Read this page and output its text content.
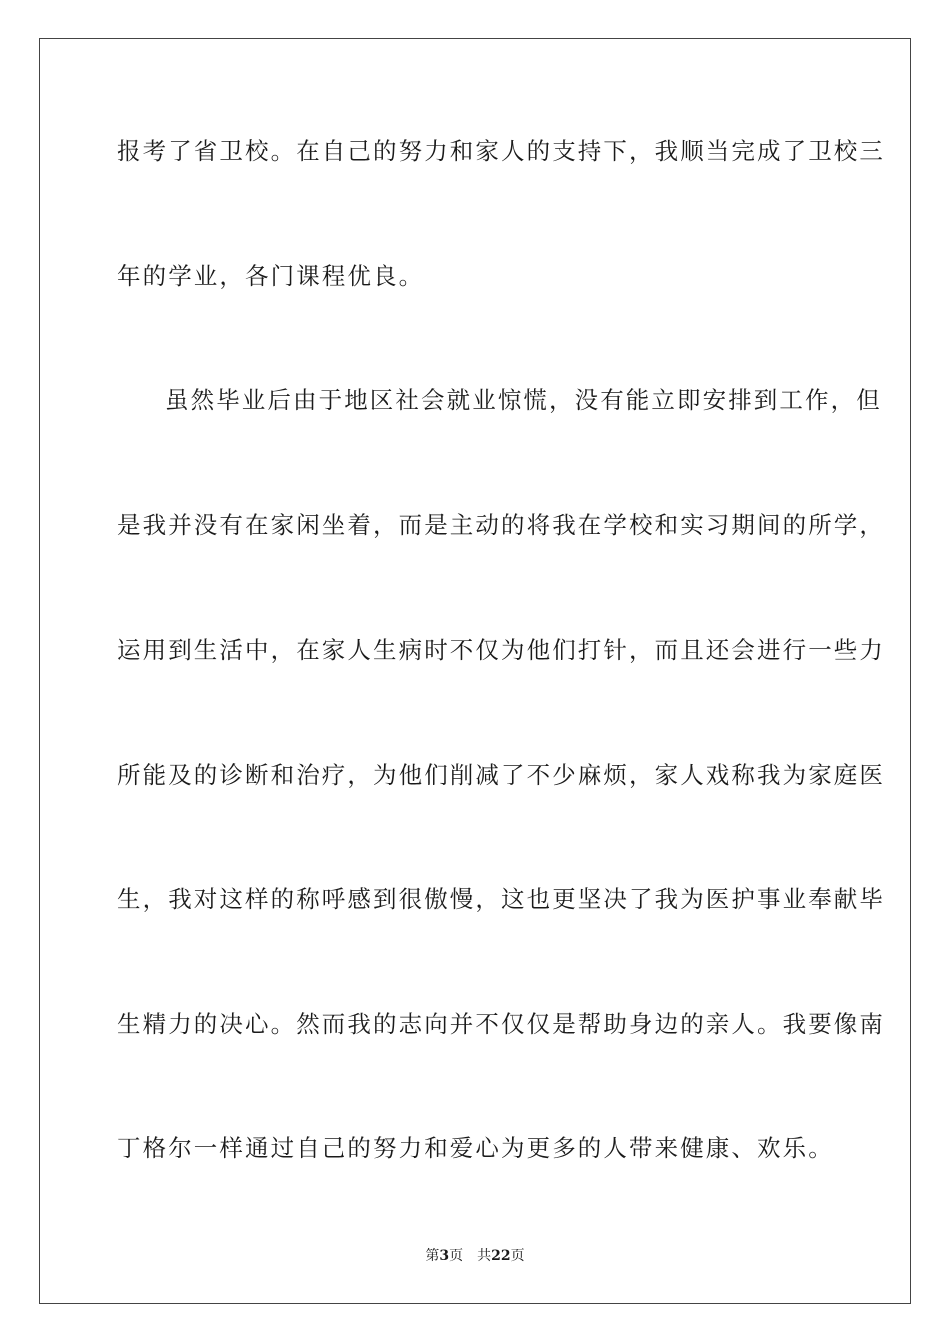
报考了省卫校。在自己的努力和家人的支持下，我顺当完成了卫校三
年的学业，各门课程优良。
虽然毕业后由于地区社会就业惊慌，没有能立即安排到工作，但
是我并没有在家闲坐着，而是主动的将我在学校和实习期间的所学，
运用到生活中，在家人生病时不仅为他们打针，而且还会进行一些力
所能及的诊断和治疗，为他们削减了不少麻烦，家人戏称我为家庭医
生，我对这样的称呼感到很傲慢，这也更坚决了我为医护事业奉献毕
生精力的决心。然而我的志向并不仅仅是帮助身边的亲人。我要像南
丁格尔一样通过自己的努力和爱心为更多的人带来健康、欢乐。
第3页 共22页
